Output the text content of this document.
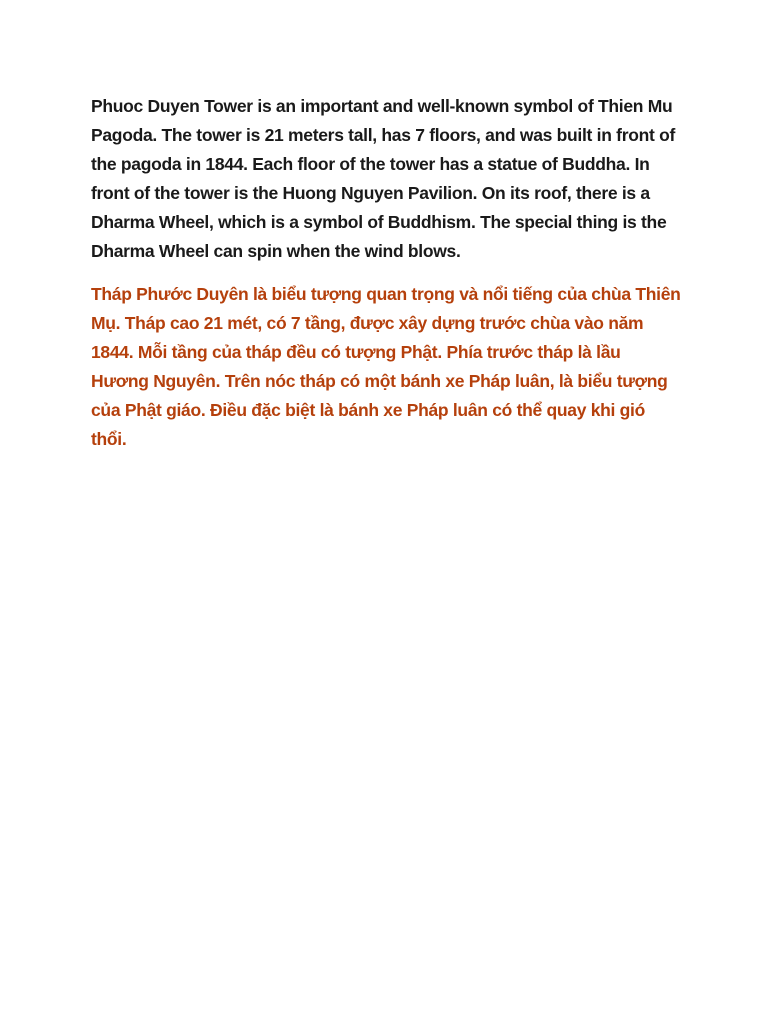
Phuoc Duyen Tower is an important and well-known symbol of Thien Mu Pagoda. The tower is 21 meters tall, has 7 floors, and was built in front of the pagoda in 1844. Each floor of the tower has a statue of Buddha. In front of the tower is the Huong Nguyen Pavilion. On its roof, there is a Dharma Wheel, which is a symbol of Buddhism. The special thing is the Dharma Wheel can spin when the wind blows.

Tháp Phước Duyên là biểu tượng quan trọng và nổi tiếng của chùa Thiên Mụ. Tháp cao 21 mét, có 7 tầng, được xây dựng trước chùa vào năm 1844. Mỗi tầng của tháp đều có tượng Phật. Phía trước tháp là lầu Hương Nguyên. Trên nóc tháp có một bánh xe Pháp luân, là biểu tượng của Phật giáo. Điều đặc biệt là bánh xe Pháp luân có thể quay khi gió thổi.
